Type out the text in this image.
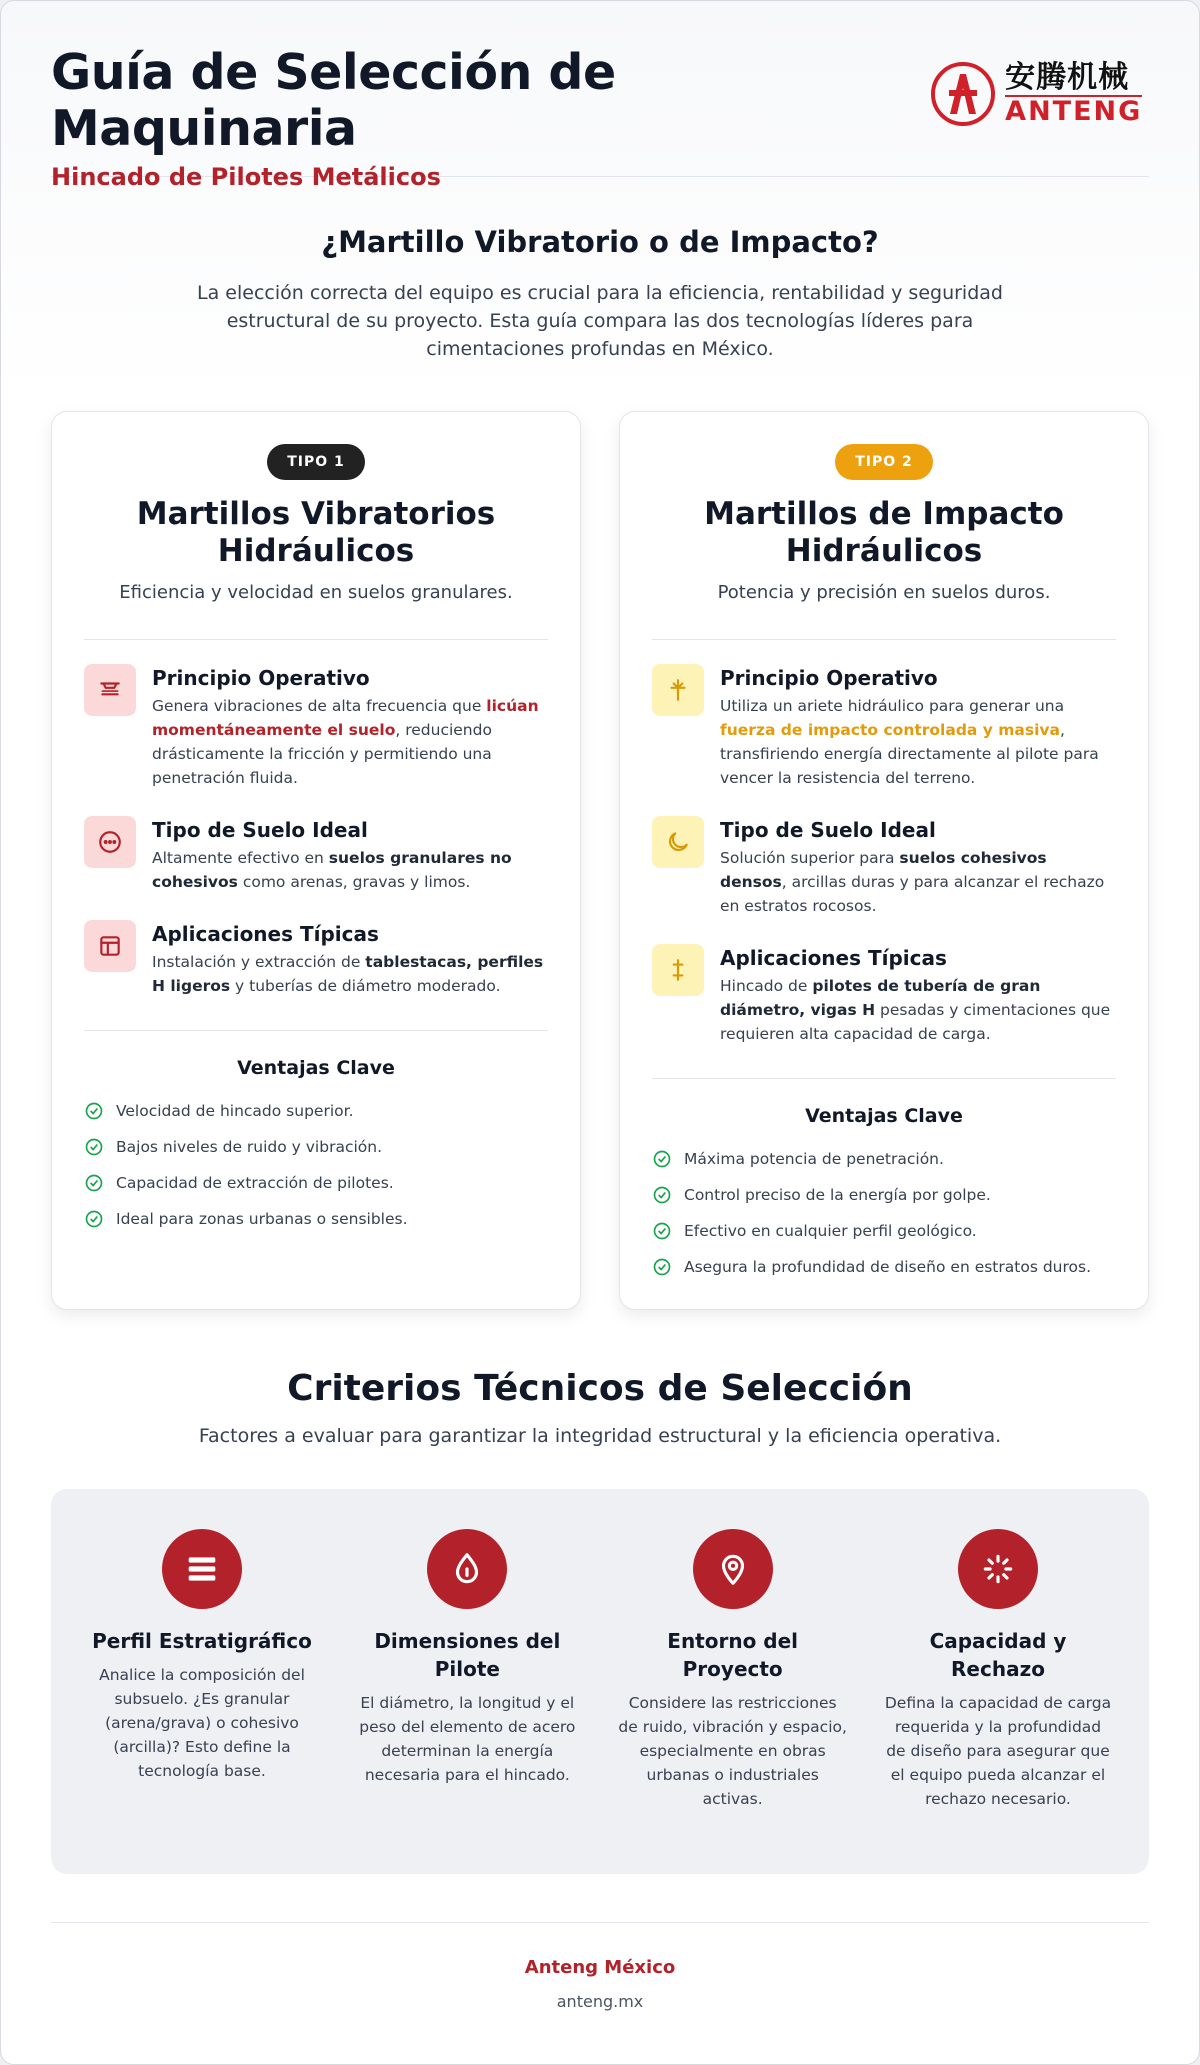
Guía de Selección de Maquinaria
Hincado de Pilotes Metálicos
安腾机械
ANTENG
¿Martillo Vibratorio o de Impacto?

La elección correcta del equipo es crucial para la eficiencia, rentabilidad y seguridad estructural de su proyecto. Esta guía compara las dos tecnologías líderes para cimentaciones profundas en México.

TIPO 1
Martillos Vibratorios Hidráulicos
Eficiencia y velocidad en suelos granulares.
Principio Operativo

Genera vibraciones de alta frecuencia que licúan momentáneamente el suelo, reduciendo drásticamente la fricción y permitiendo una penetración fluida.

Tipo de Suelo Ideal

Altamente efectivo en suelos granulares no cohesivos como arenas, gravas y limos.

Aplicaciones Típicas

Instalación y extracción de tablestacas, perfiles H ligeros y tuberías de diámetro moderado.

Ventajas Clave
Velocidad de hincado superior.
Bajos niveles de ruido y vibración.
Capacidad de extracción de pilotes.
Ideal para zonas urbanas o sensibles.
TIPO 2
Martillos de Impacto Hidráulicos
Potencia y precisión en suelos duros.
Principio Operativo

Utiliza un ariete hidráulico para generar una fuerza de impacto controlada y masiva, transfiriendo energía directamente al pilote para vencer la resistencia del terreno.

Tipo de Suelo Ideal

Solución superior para suelos cohesivos densos, arcillas duras y para alcanzar el rechazo en estratos rocosos.

Aplicaciones Típicas

Hincado de pilotes de tubería de gran diámetro, vigas H pesadas y cimentaciones que requieren alta capacidad de carga.

Ventajas Clave
Máxima potencia de penetración.
Control preciso de la energía por golpe.
Efectivo en cualquier perfil geológico.
Asegura la profundidad de diseño en estratos duros.
Criterios Técnicos de Selección

Factores a evaluar para garantizar la integridad estructural y la eficiencia operativa.

Perfil Estratigráfico

Analice la composición del subsuelo. ¿Es granular (arena/grava) o cohesivo (arcilla)? Esto define la tecnología base.

Dimensiones del Pilote

El diámetro, la longitud y el peso del elemento de acero determinan la energía necesaria para el hincado.

Entorno del Proyecto

Considere las restricciones de ruido, vibración y espacio, especialmente en obras urbanas o industriales activas.

Capacidad y Rechazo

Defina la capacidad de carga requerida y la profundidad de diseño para asegurar que el equipo pueda alcanzar el rechazo necesario.

Anteng México
anteng.mx
